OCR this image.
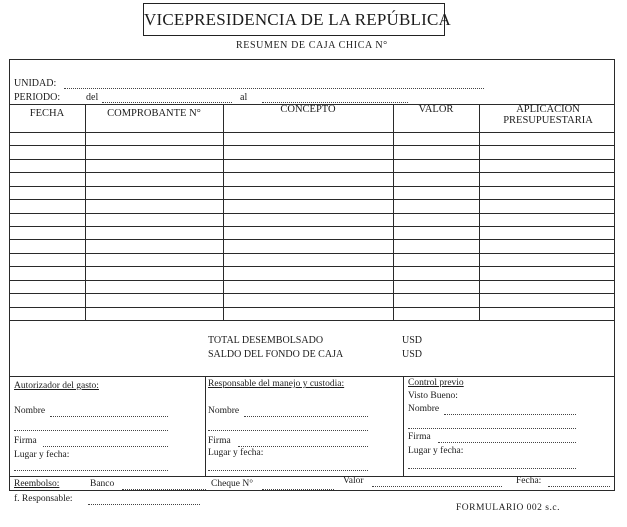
VICEPRESIDENCIA DE LA REPÚBLICA
RESUMEN DE CAJA CHICA N°
UNIDAD:
PERIODO:	del	al
FECHA	COMPROBANTE N°	CONCEPTO	VALOR	APLICACION PRESUPUESTARIA
TOTAL DESEMBOLSADO	USD
SALDO DEL FONDO DE CAJA	USD
Autorizador del gasto:
Nombre
Firma
Lugar y fecha:
Responsable del manejo y custodia:
Nombre
Firma
Lugar y fecha:
Control previo
Visto Bueno:
Nombre
Firma
Lugar y fecha:
Reembolso:	Banco	Cheque N°	Valor	Fecha:
f. Responsable:
FORMULARIO 002 s.c.
